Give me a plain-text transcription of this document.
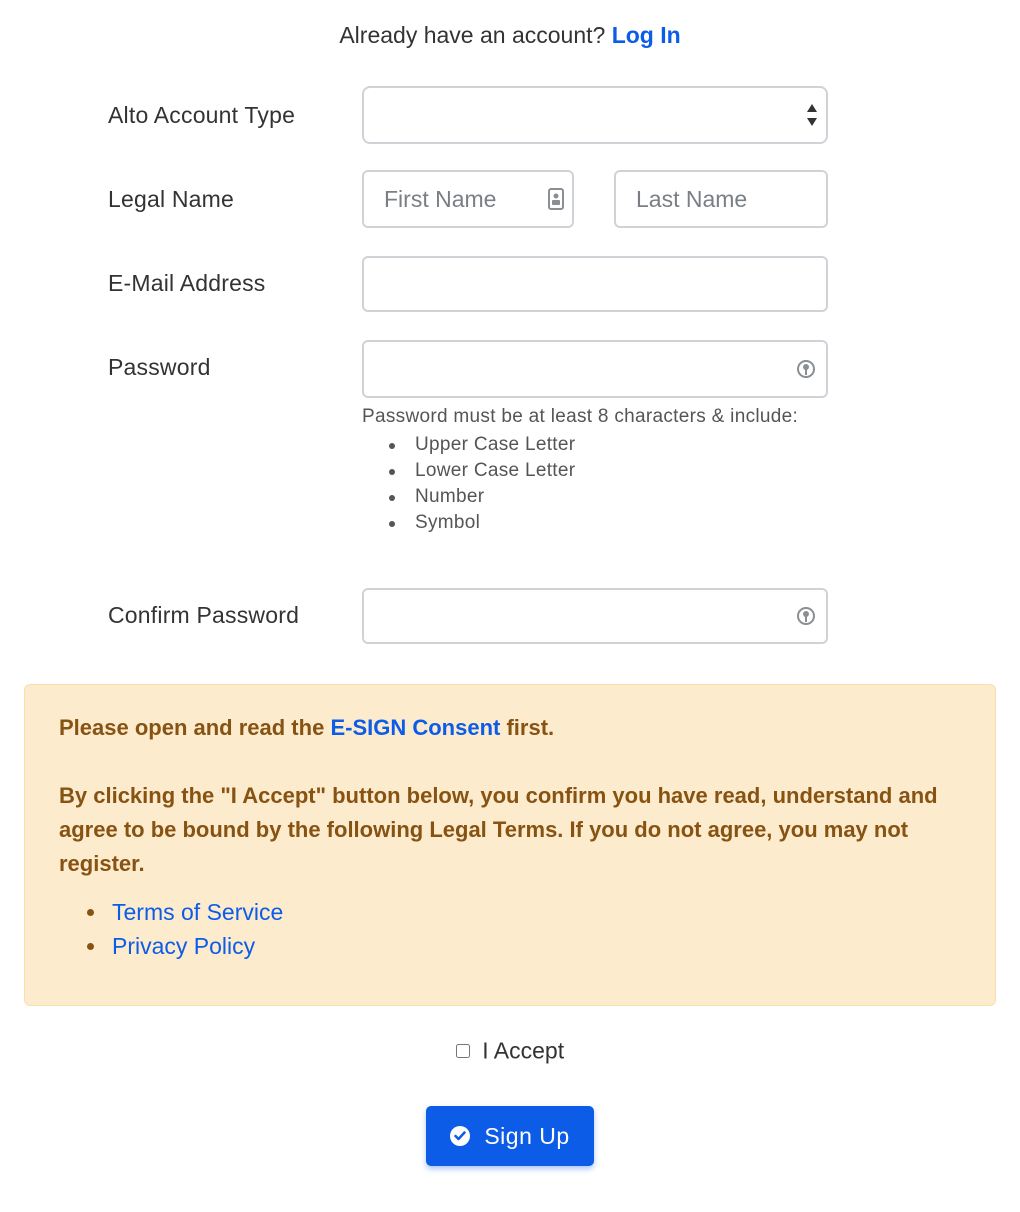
Already have an account? Log In
Alto Account Type
Legal Name
First Name
Last Name
E-Mail Address
Password
Password must be at least 8 characters & include:
Upper Case Letter
Lower Case Letter
Number
Symbol
Confirm Password

Please open and read the E-SIGN Consent first.

By clicking the "I Accept" button below, you confirm you have read, understand and agree to be bound by the following Legal Terms. If you do not agree, you may not register.

Terms of Service
Privacy Policy
I Accept
Sign Up
